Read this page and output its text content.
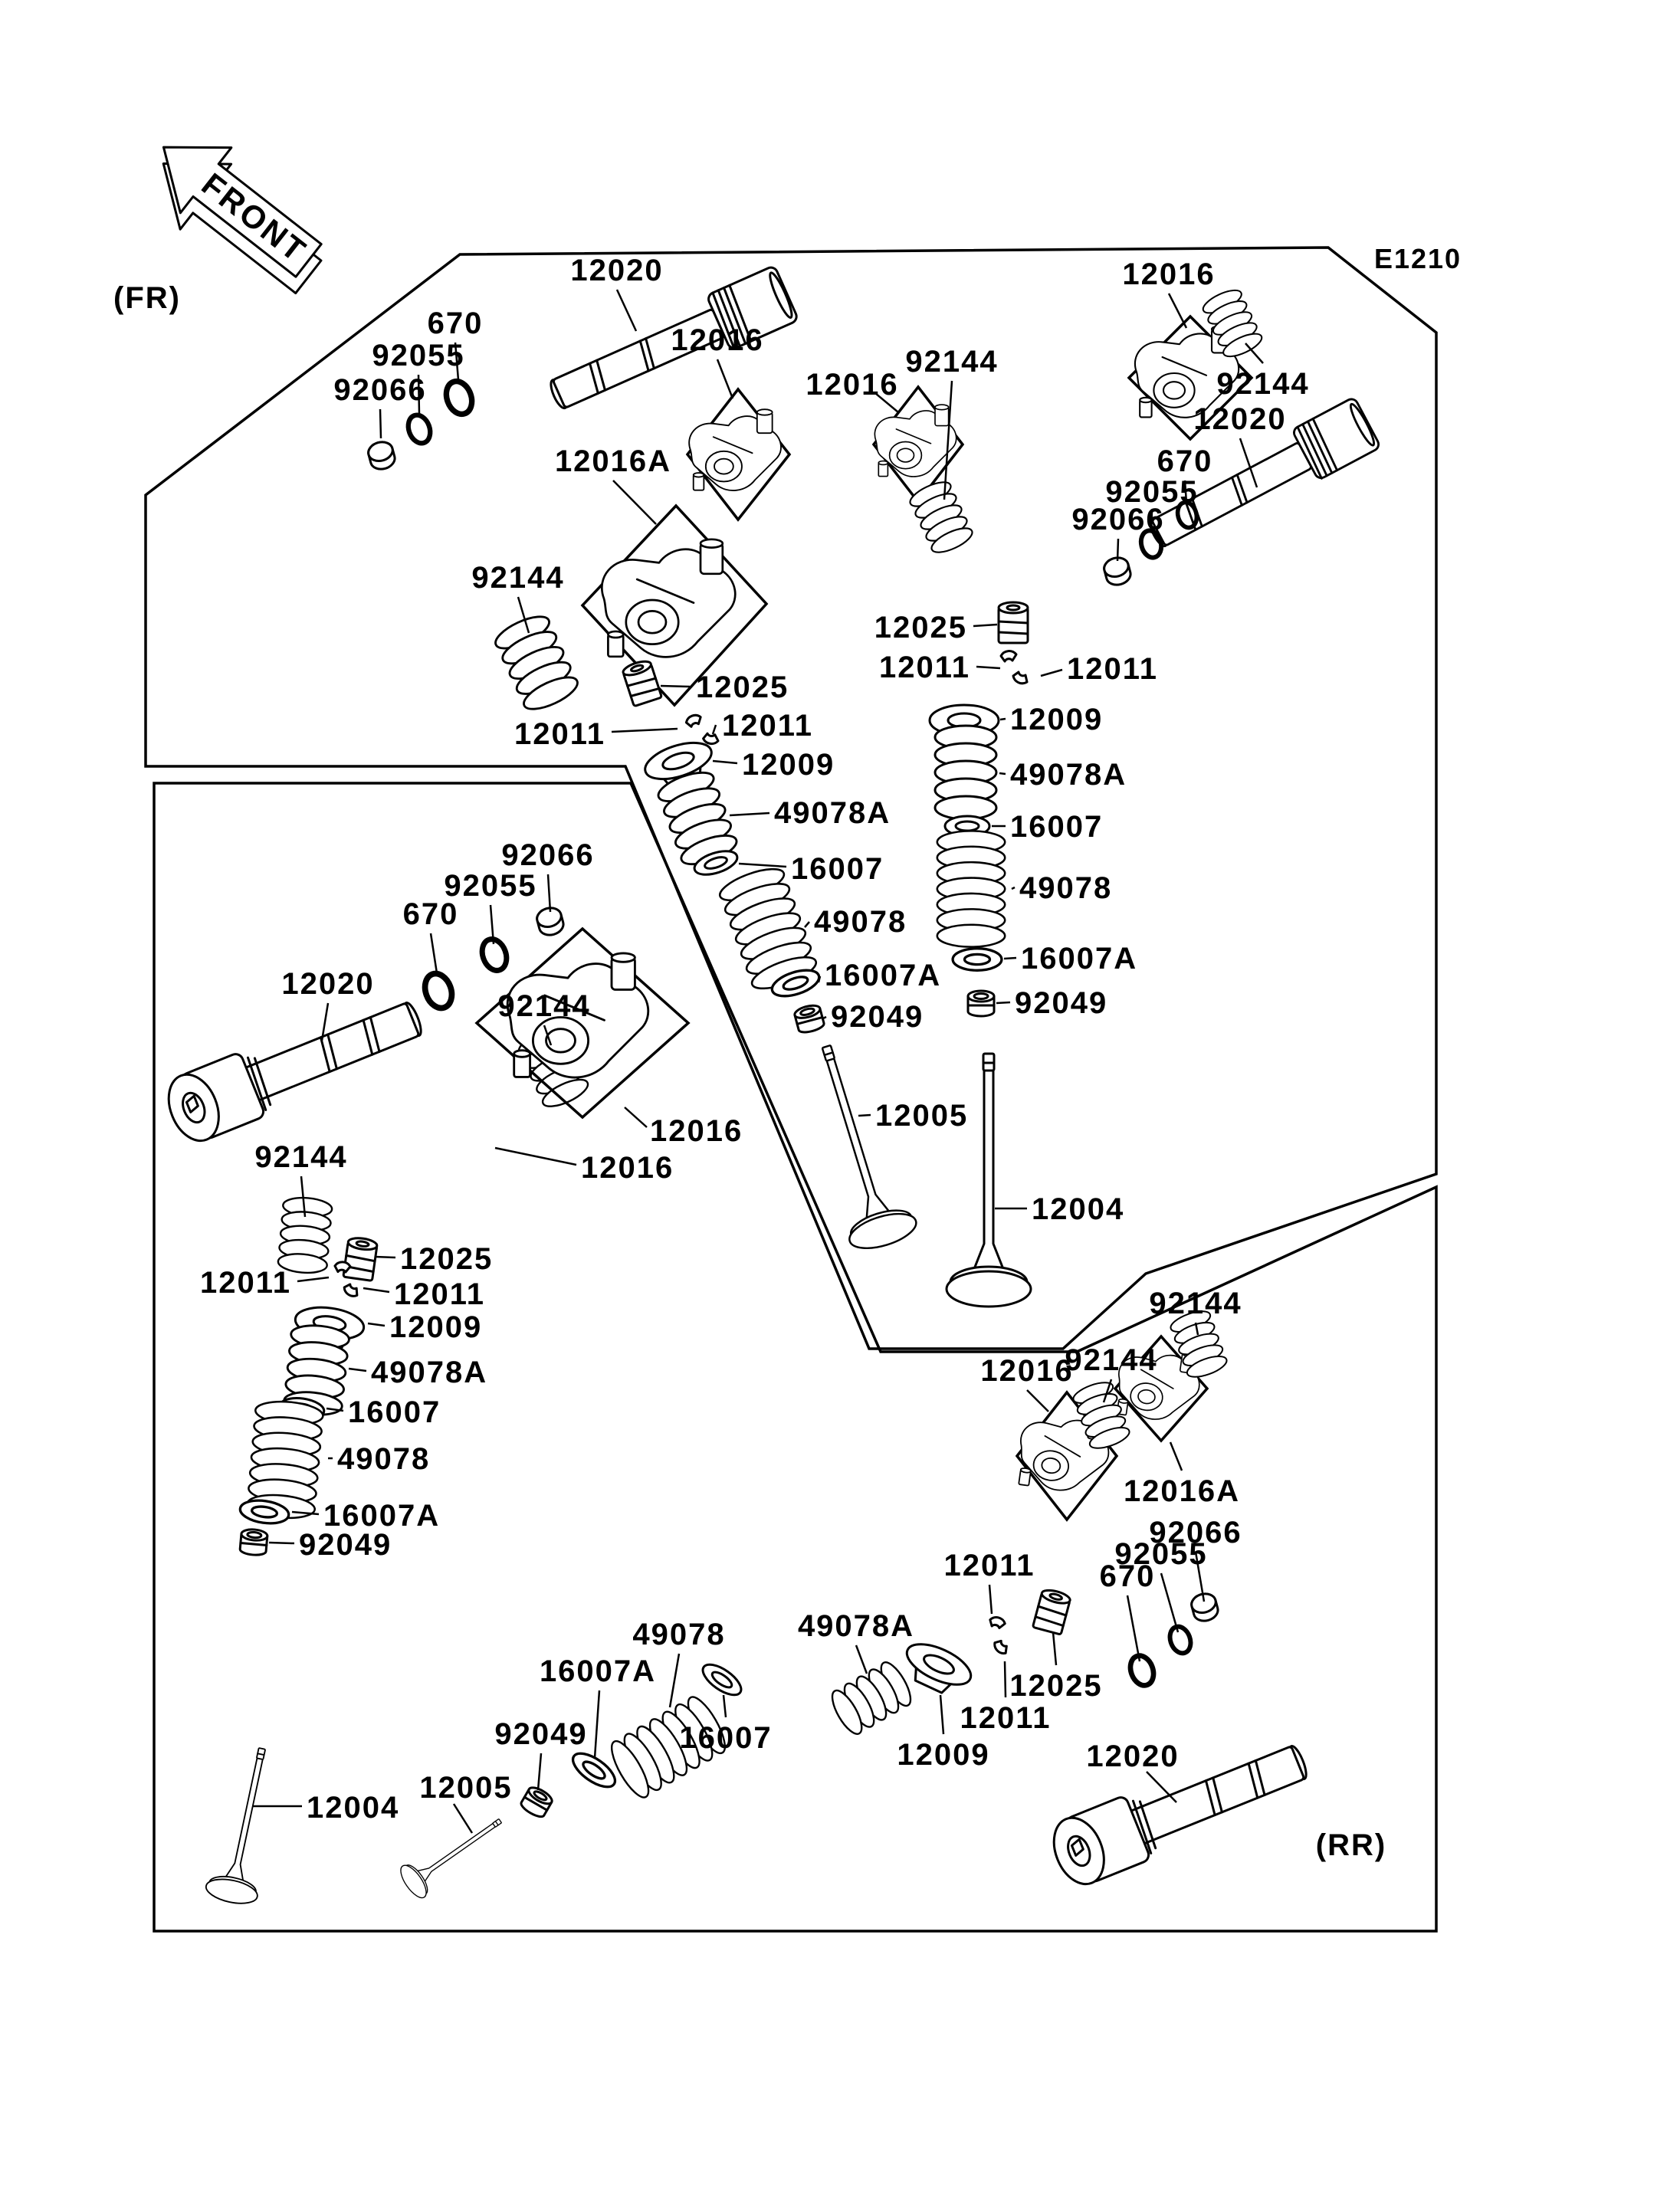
FRONT
(FR)
(RR)
E1210
12020
670
92055
92066
12016
12016A
92144
92144
12016
12016
92144
12020
670
92055
92066
12025
12011	12011
12009
49078A
16007
49078
16007A
92049
12005
12025
12011	12011
12009
49078A
16007
49078
16007A
92049
12004
12025
12011	12011
12009
49078A
16007
49078
16007A
92049
12004
12005
92049
16007A
49078
16007
49078A
12009
12011
12011
12025
92144
12016
92144
12016A
92066
92055
670
12020
92066
92055
670
12020
92144
12016
12016
92144
